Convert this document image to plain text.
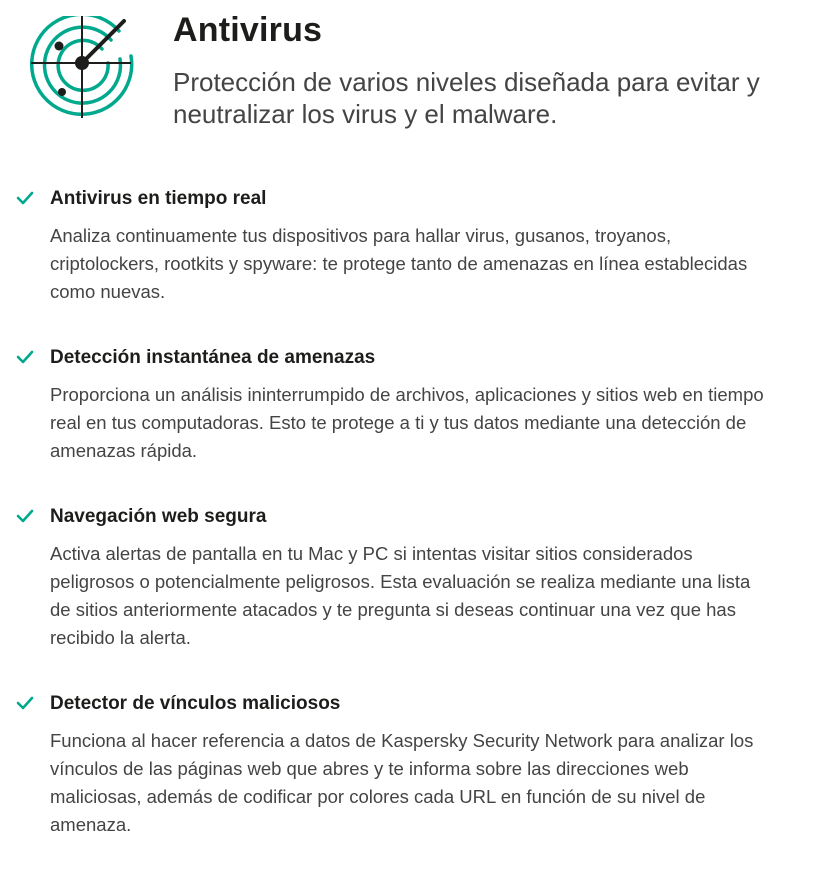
Antivirus

Protección de varios niveles diseñada para evitar y neutralizar los virus y el malware.

Antivirus en tiempo real

Analiza continuamente tus dispositivos para hallar virus, gusanos, troyanos, criptolockers, rootkits y spyware: te protege tanto de amenazas en línea establecidas como nuevas.

Detección instantánea de amenazas

Proporciona un análisis ininterrumpido de archivos, aplicaciones y sitios web en tiempo real en tus computadoras. Esto te protege a ti y tus datos mediante una detección de amenazas rápida.

Navegación web segura

Activa alertas de pantalla en tu Mac y PC si intentas visitar sitios considerados peligrosos o potencialmente peligrosos. Esta evaluación se realiza mediante una lista de sitios anteriormente atacados y te pregunta si deseas continuar una vez que has recibido la alerta.

Detector de vínculos maliciosos

Funciona al hacer referencia a datos de Kaspersky Security Network para analizar los vínculos de las páginas web que abres y te informa sobre las direcciones web maliciosas, además de codificar por colores cada URL en función de su nivel de amenaza.
